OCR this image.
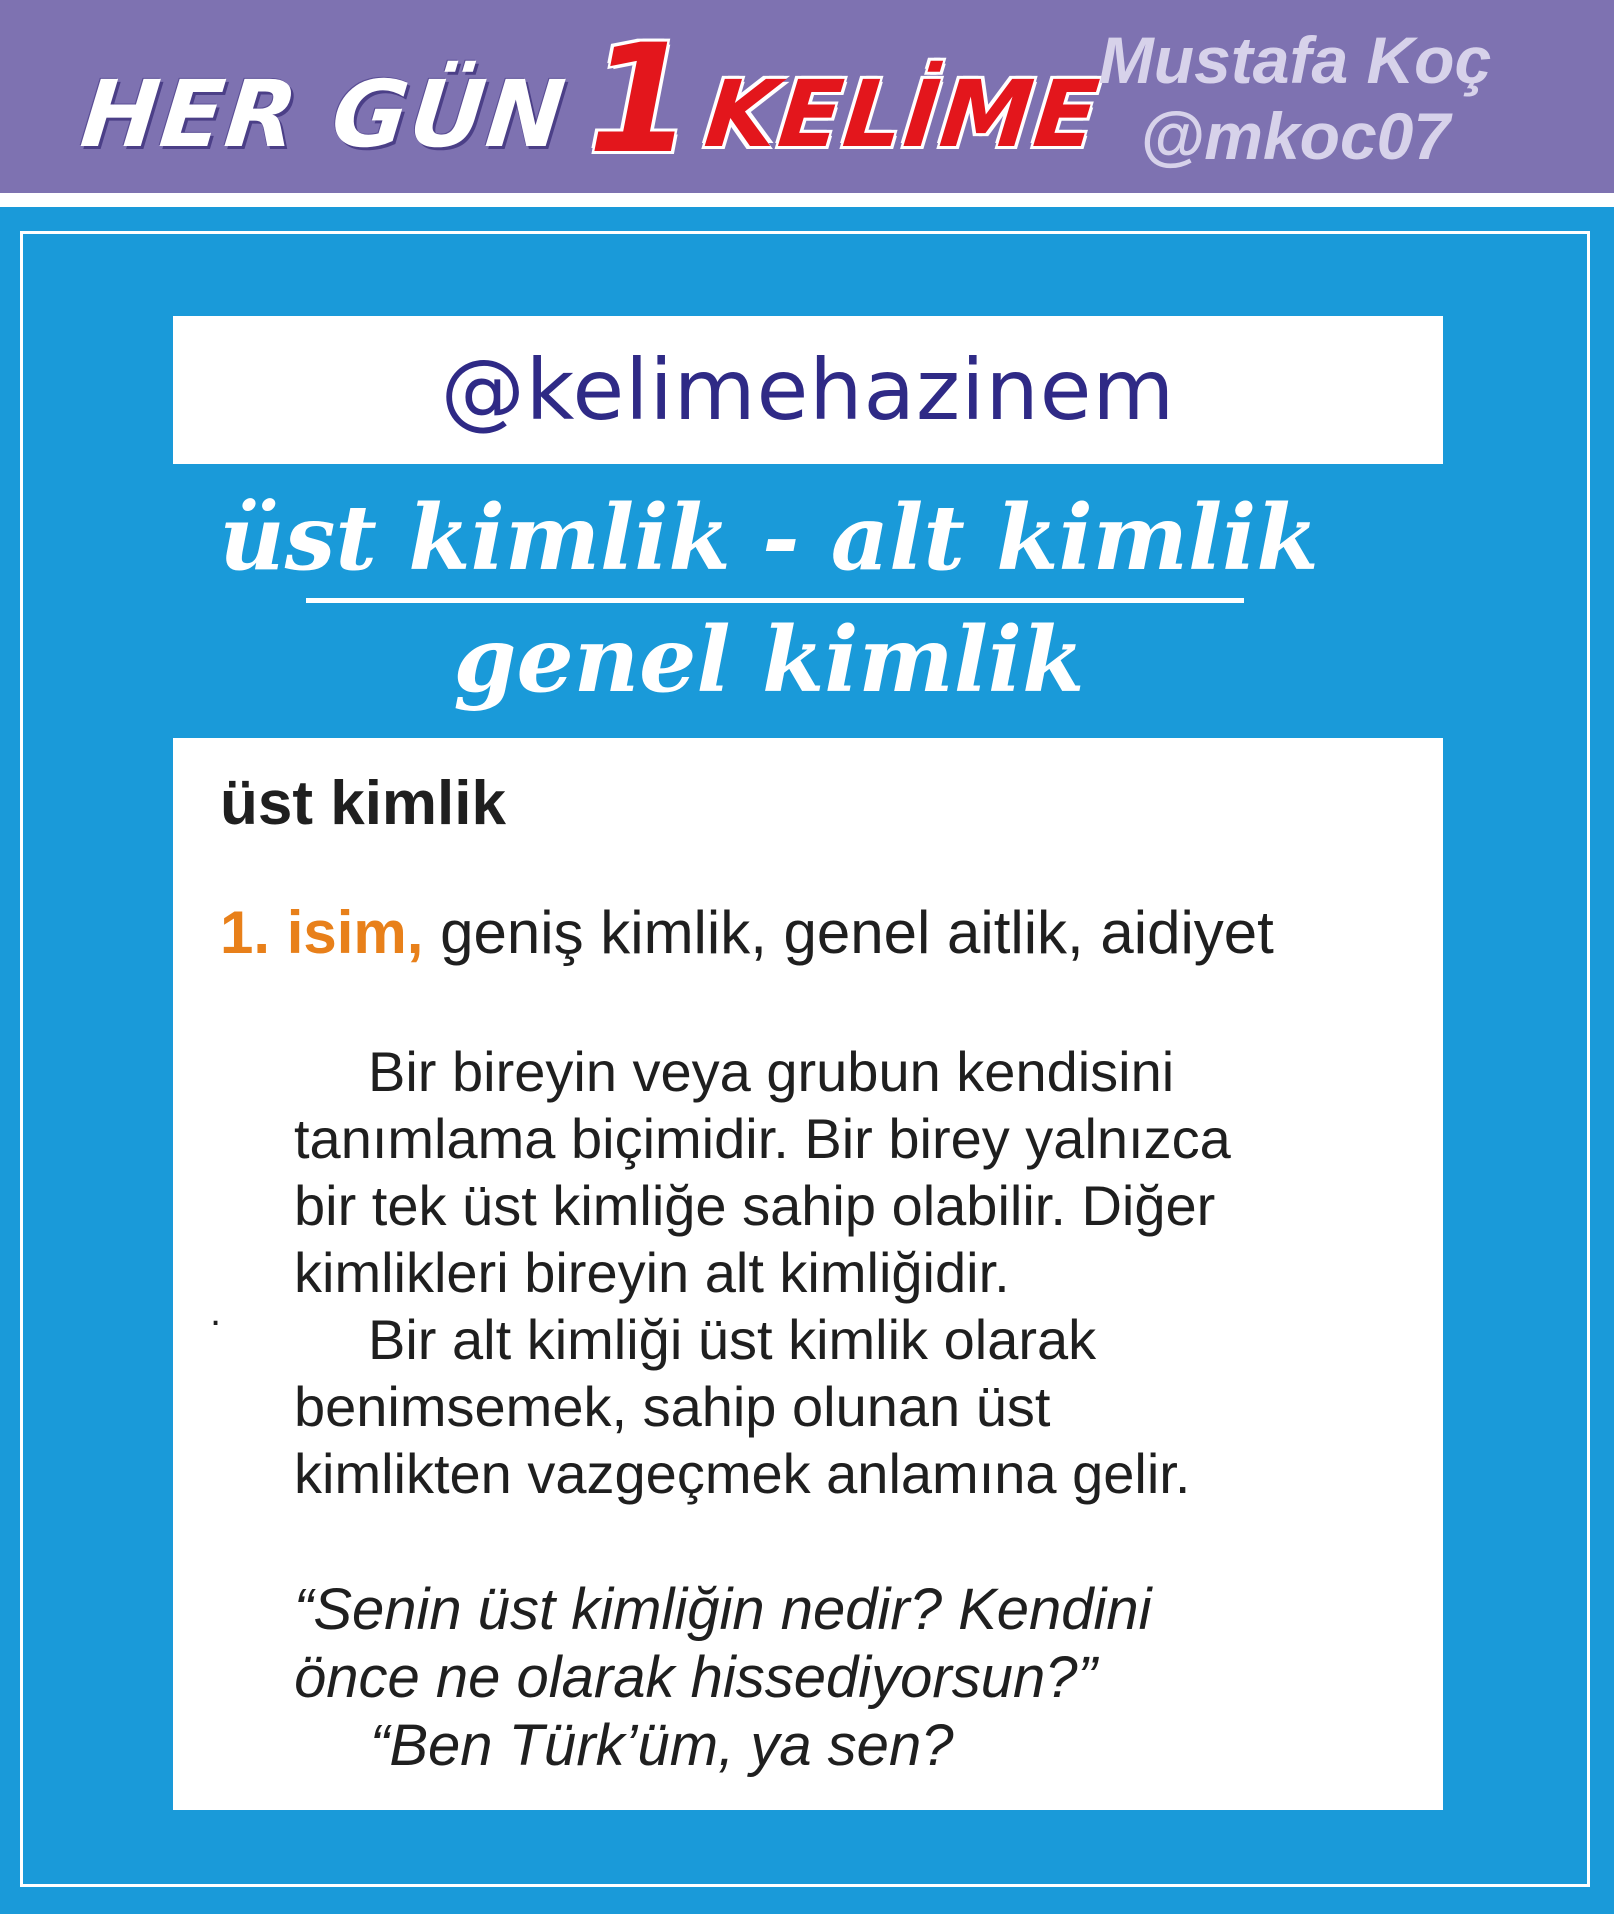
HER GÜN 1 KELİME
Mustafa Koç
@mkoc07
@kelimehazinem
üst kimlik - alt kimlik
genel kimlik
üst kimlik
1. isim, geniş kimlik, genel aitlik, aidiyet
Bir bireyin veya grubun kendisini
tanımlama biçimidir. Bir birey yalnızca
bir tek üst kimliğe sahip olabilir. Diğer
kimlikleri bireyin alt kimliğidir.
.	Bir alt kimliği üst kimlik olarak
benimsemek, sahip olunan üst
kimlikten vazgeçmek anlamına gelir.
“Senin üst kimliğin nedir? Kendini
önce ne olarak hissediyorsun?”
“Ben Türk’üm, ya sen?
